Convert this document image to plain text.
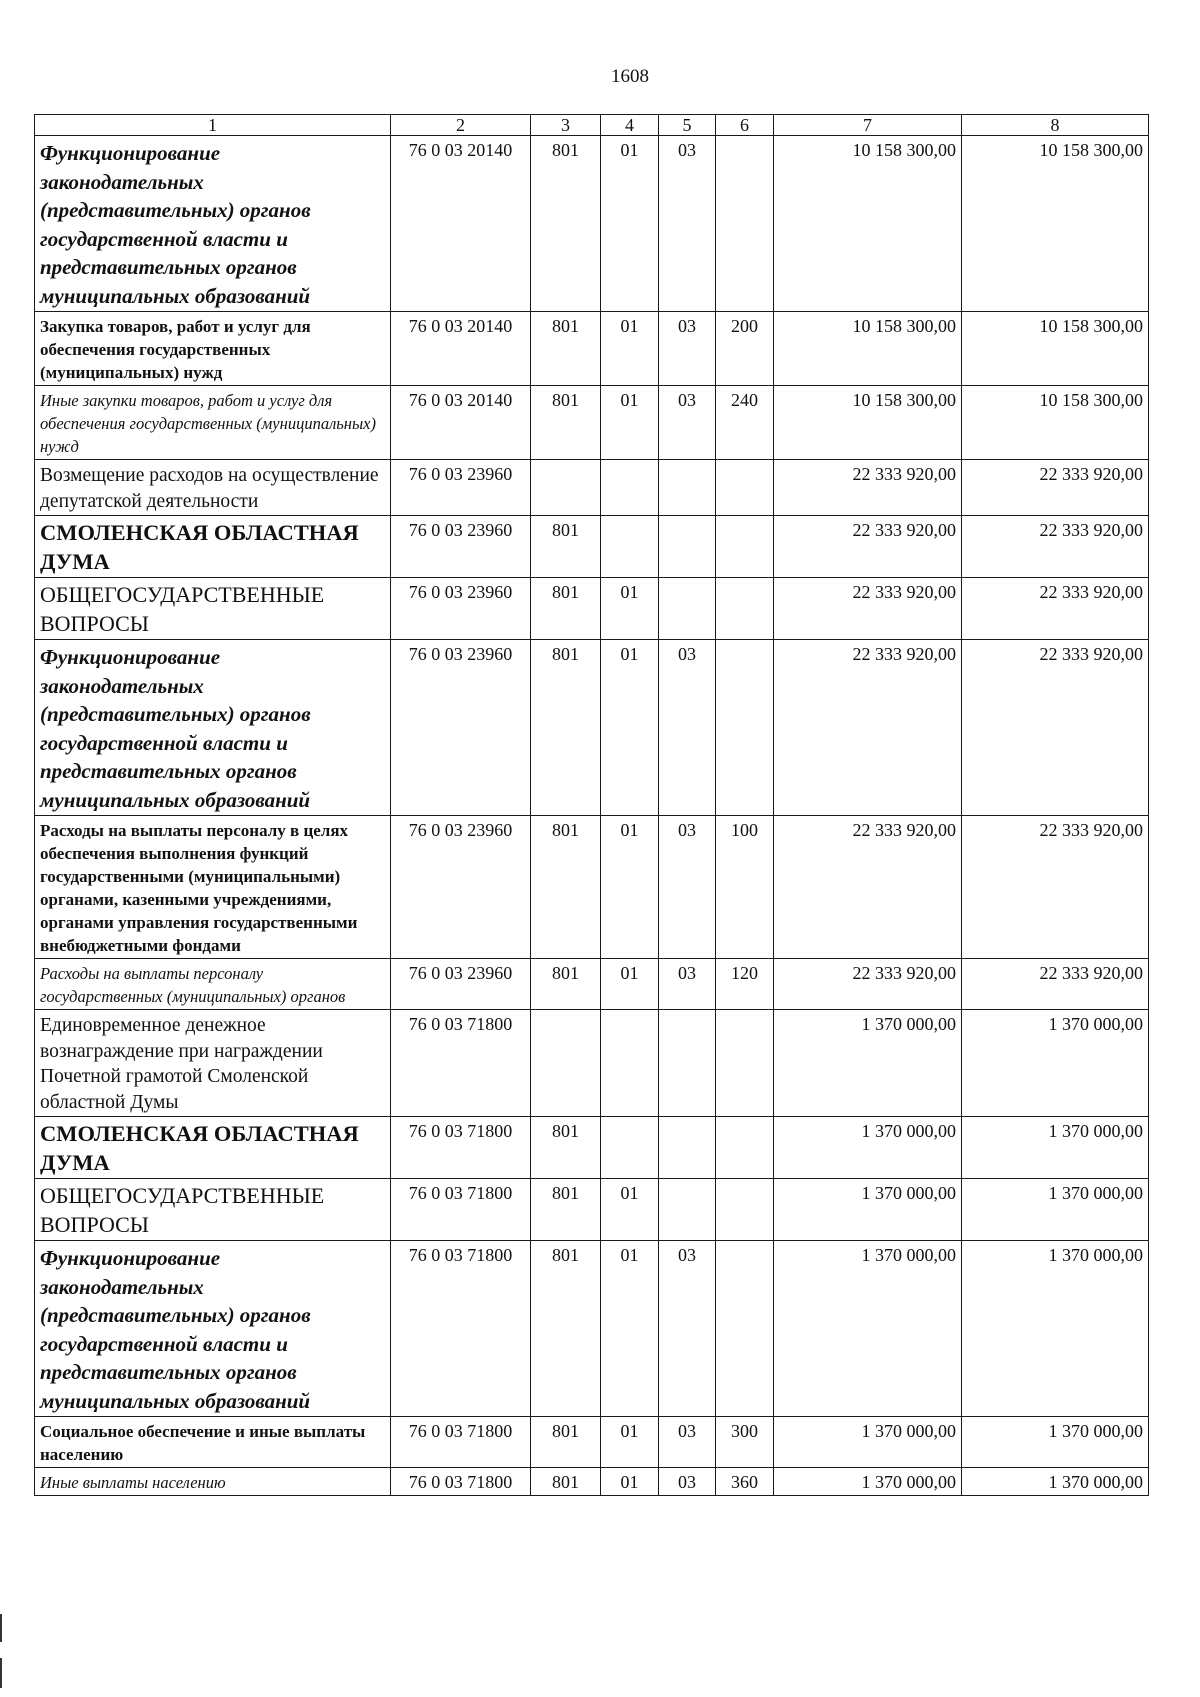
1608
1	2	3	4	5	6	7	8
Функционирование законодательных (представительных) органов государственной власти и представительных органов муниципальных образований	76 0 03 20140	801	01	03		10 158 300,00	10 158 300,00
Закупка товаров, работ и услуг для обеспечения государственных (муниципальных) нужд	76 0 03 20140	801	01	03	200	10 158 300,00	10 158 300,00
Иные закупки товаров, работ и услуг для обеспечения государственных (муниципальных) нужд	76 0 03 20140	801	01	03	240	10 158 300,00	10 158 300,00
Возмещение расходов на осуществление депутатской деятельности	76 0 03 23960					22 333 920,00	22 333 920,00
СМОЛЕНСКАЯ ОБЛАСТНАЯ ДУМА	76 0 03 23960	801				22 333 920,00	22 333 920,00
ОБЩЕГОСУДАРСТВЕННЫЕ ВОПРОСЫ	76 0 03 23960	801	01			22 333 920,00	22 333 920,00
Функционирование законодательных (представительных) органов государственной власти и представительных органов муниципальных образований	76 0 03 23960	801	01	03		22 333 920,00	22 333 920,00
Расходы на выплаты персоналу в целях обеспечения выполнения функций государственными (муниципальными) органами, казенными учреждениями, органами управления государственными внебюджетными фондами	76 0 03 23960	801	01	03	100	22 333 920,00	22 333 920,00
Расходы на выплаты персоналу государственных (муниципальных) органов	76 0 03 23960	801	01	03	120	22 333 920,00	22 333 920,00
Единовременное денежное вознаграждение при награждении Почетной грамотой Смоленской областной Думы	76 0 03 71800					1 370 000,00	1 370 000,00
СМОЛЕНСКАЯ ОБЛАСТНАЯ ДУМА	76 0 03 71800	801				1 370 000,00	1 370 000,00
ОБЩЕГОСУДАРСТВЕННЫЕ ВОПРОСЫ	76 0 03 71800	801	01			1 370 000,00	1 370 000,00
Функционирование законодательных (представительных) органов государственной власти и представительных органов муниципальных образований	76 0 03 71800	801	01	03		1 370 000,00	1 370 000,00
Социальное обеспечение и иные выплаты населению	76 0 03 71800	801	01	03	300	1 370 000,00	1 370 000,00
Иные выплаты населению	76 0 03 71800	801	01	03	360	1 370 000,00	1 370 000,00
